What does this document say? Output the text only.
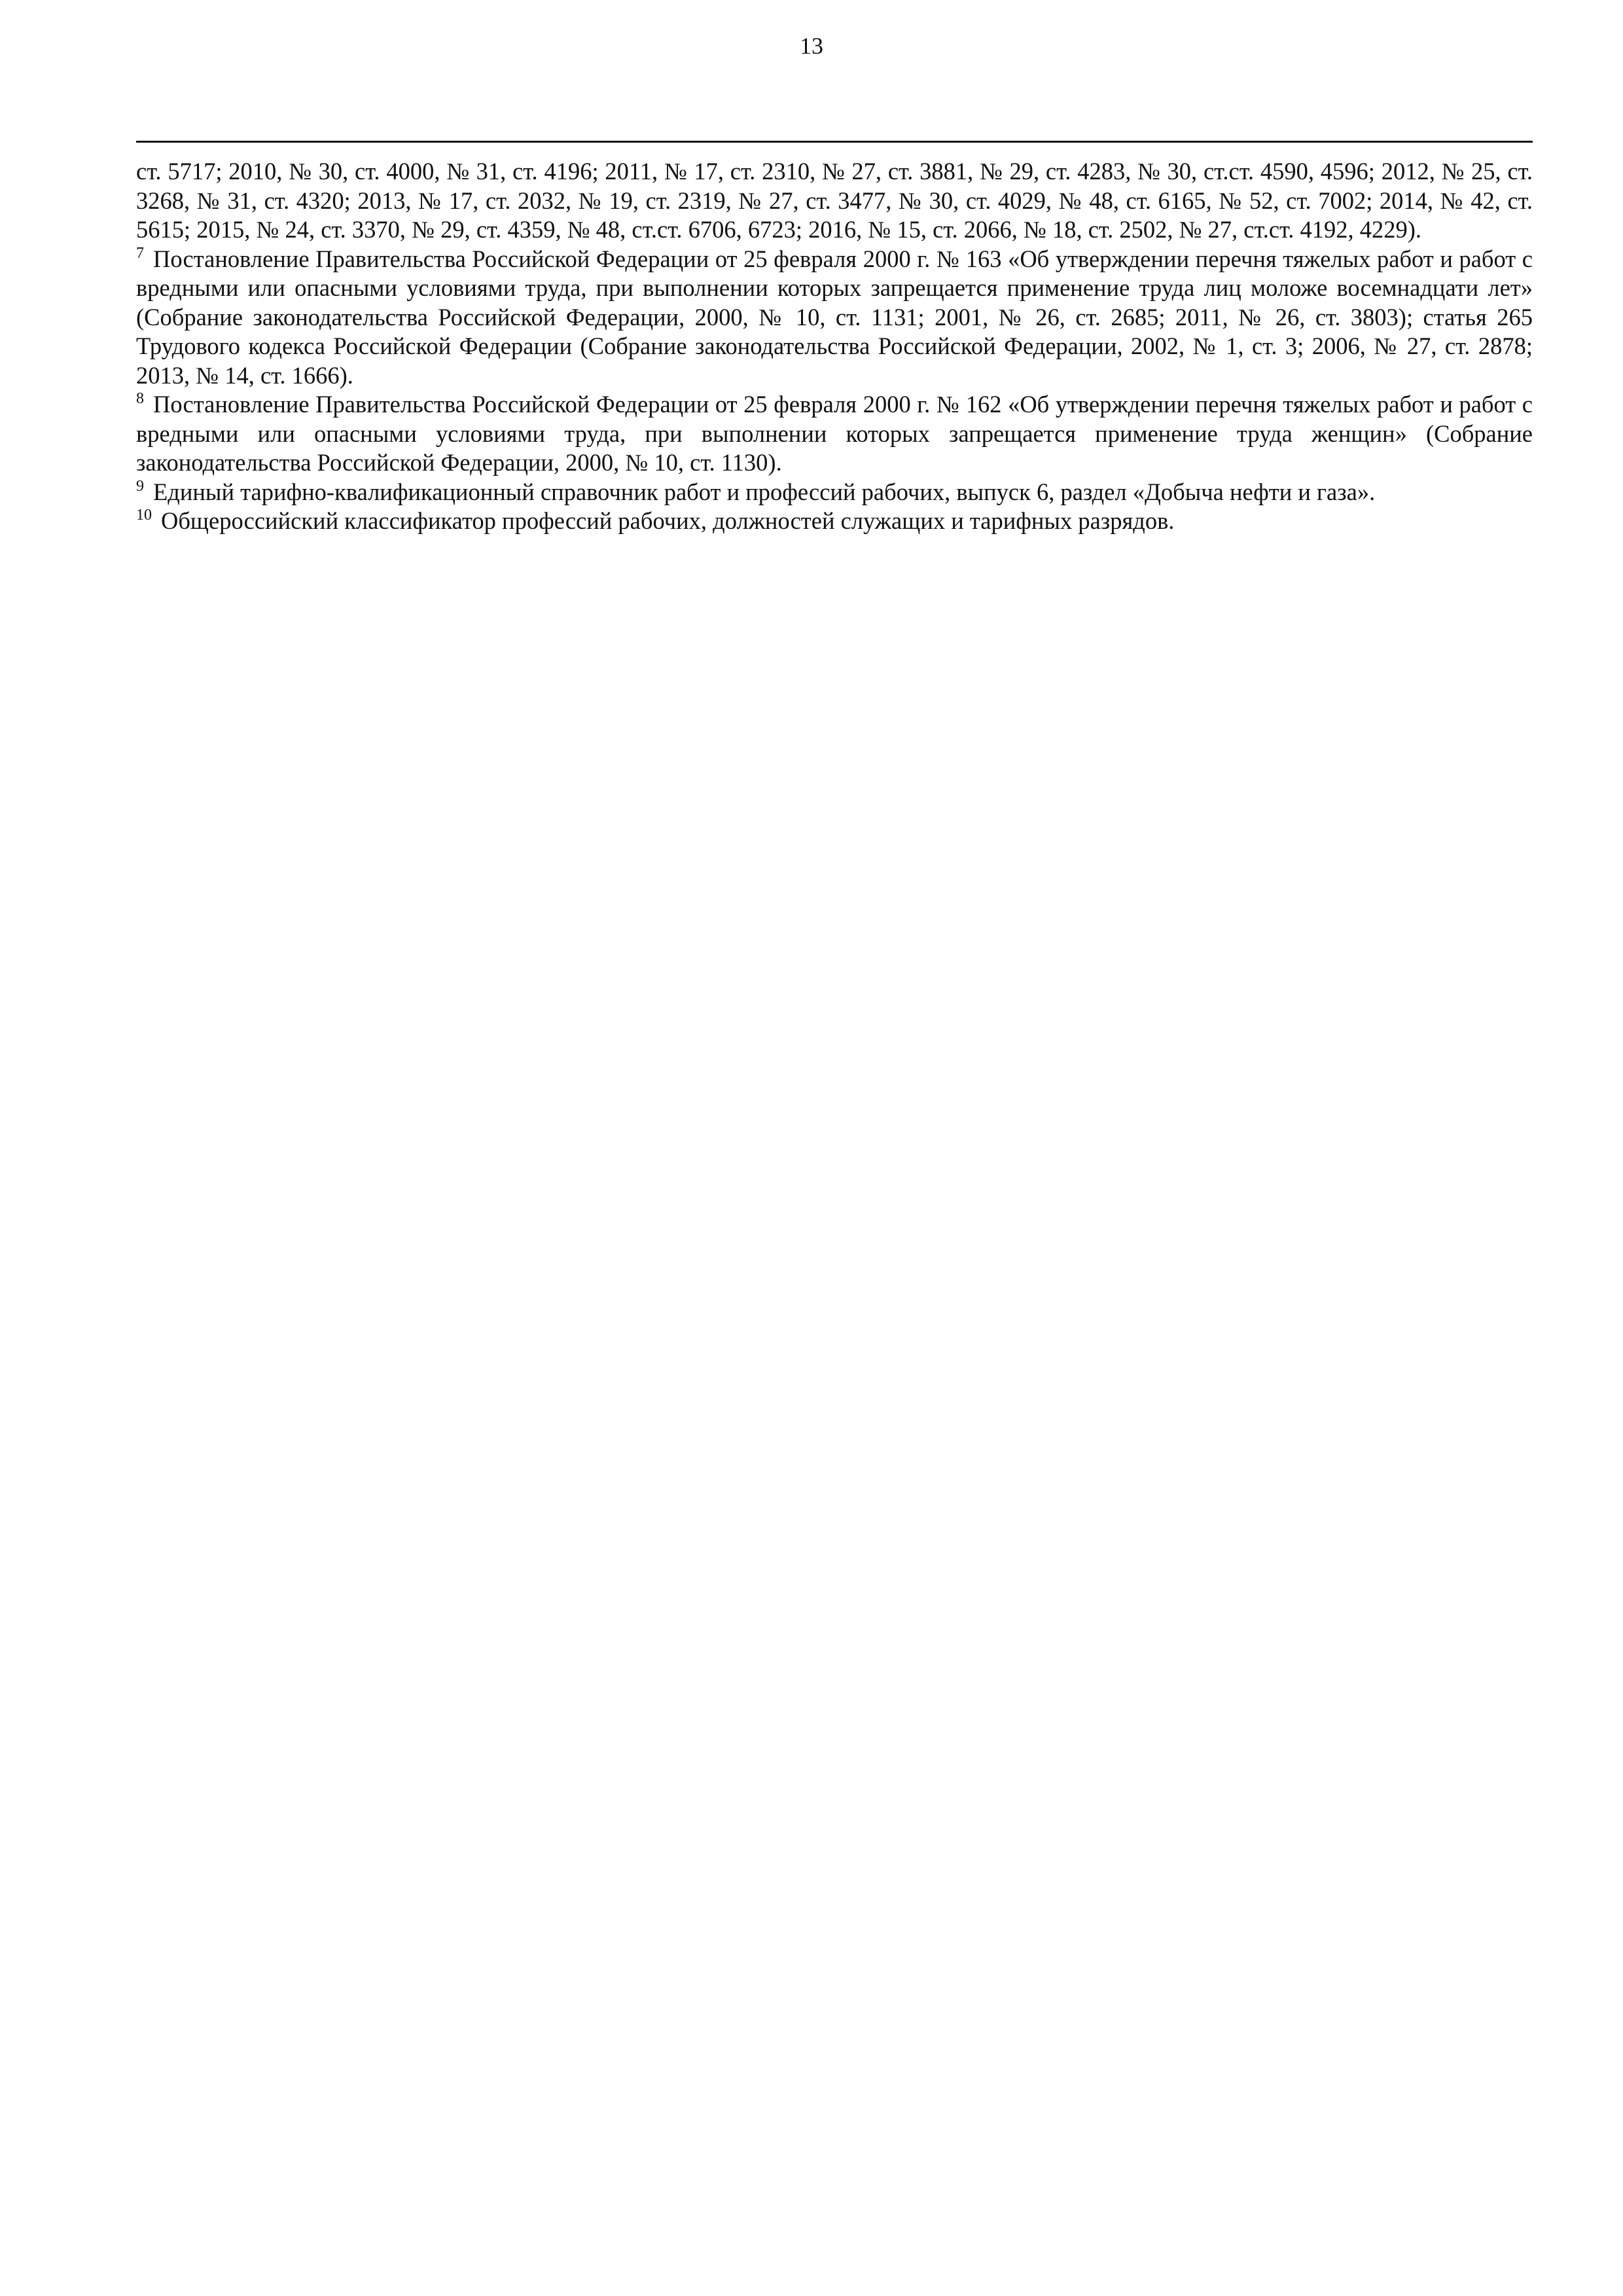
13

ст. 5717; 2010, № 30, ст. 4000, № 31, ст. 4196; 2011, № 17, ст. 2310, № 27, ст. 3881, № 29, ст. 4283, № 30, ст.ст. 4590, 4596; 2012, № 25, ст. 3268, № 31, ст. 4320; 2013, № 17, ст. 2032, № 19, ст. 2319, № 27, ст. 3477, № 30, ст. 4029, № 48, ст. 6165, № 52, ст. 7002; 2014, № 42, ст. 5615; 2015, № 24, ст. 3370, № 29, ст. 4359, № 48, ст.ст. 6706, 6723; 2016, № 15, ст. 2066, № 18, ст. 2502, № 27, ст.ст. 4192, 4229).

$^7$ Постановление Правительства Российской Федерации от 25 февраля 2000 г. № 163 «Об утверждении перечня тяжелых работ и работ с вредными или опасными условиями труда, при выполнении которых запрещается применение труда лиц моложе восемнадцати лет» (Собрание законодательства Российской Федерации, 2000, № 10, ст. 1131; 2001, № 26, ст. 2685; 2011, № 26, ст. 3803); статья 265 Трудового кодекса Российской Федерации (Собрание законодательства Российской Федерации, 2002, № 1, ст. 3; 2006, № 27, ст. 2878; 2013, № 14, ст. 1666).

$^8$ Постановление Правительства Российской Федерации от 25 февраля 2000 г. № 162 «Об утверждении перечня тяжелых работ и работ с вредными или опасными условиями труда, при выполнении которых запрещается применение труда женщин» (Собрание законодательства Российской Федерации, 2000, № 10, ст. 1130).

$^9$ Единый тарифно-квалификационный справочник работ и профессий рабочих, выпуск 6, раздел «Добыча нефти и газа».

$^{10}$ Общероссийский классификатор профессий рабочих, должностей служащих и тарифных разрядов.
